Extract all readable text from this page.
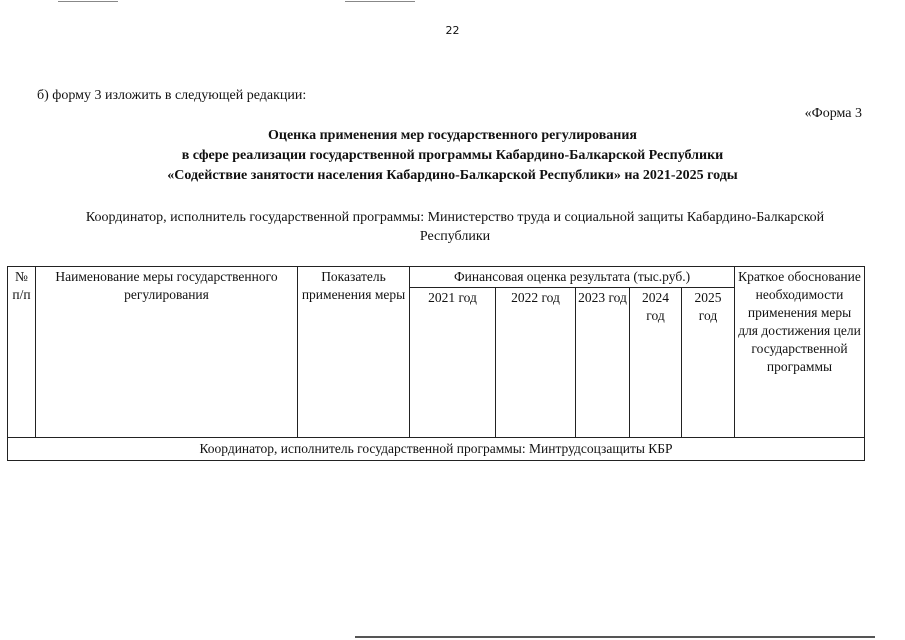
22
б) форму 3 изложить в следующей редакции:
«Форма 3
Оценка применения мер государственного регулирования
в сфере реализации государственной программы Кабардино-Балкарской Республики
«Содействие занятости населения Кабардино-Балкарской Республики» на 2021-2025 годы
Координатор, исполнитель государственной программы: Министерство труда и социальной защиты Кабардино-Балкарской
Республики
№ п/п	Наименование меры государственного регулирования	Показатель применения меры	Финансовая оценка результата (тыс.руб.)					Краткое обоснование необходимости применения меры для достижения цели государственной программы
			2021 год	2022 год	2023 год	2024 год	2025 год	
Координатор, исполнитель государственной программы: Минтрудсоцзащиты КБР								
